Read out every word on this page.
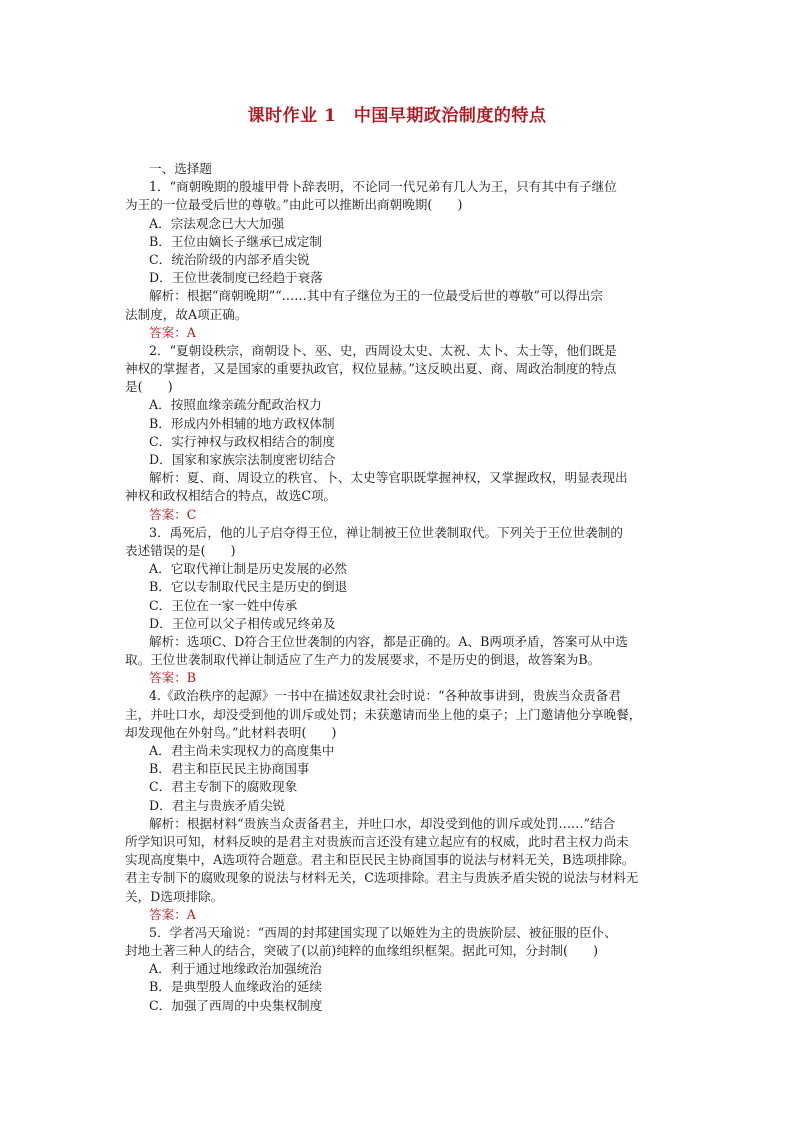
课时作业 1　中国早期政治制度的特点
一、选择题
1．“商朝晚期的殷墟甲骨卜辞表明，不论同一代兄弟有几人为王，只有其中有子继位
为王的一位最受后世的尊敬。”由此可以推断出商朝晚期(　　)
A．宗法观念已大大加强
B．王位由嫡长子继承已成定制
C．统治阶级的内部矛盾尖锐
D．王位世袭制度已经趋于衰落
解析：根据“商朝晚期”“……其中有子继位为王的一位最受后世的尊敬”可以得出宗
法制度，故A项正确。
答案：A
2．“夏朝设秩宗，商朝设卜、巫、史，西周设太史、太祝、太卜、太士等，他们既是
神权的掌握者，又是国家的重要执政官，权位显赫。”这反映出夏、商、周政治制度的特点
是(　　)
A．按照血缘亲疏分配政治权力
B．形成内外相辅的地方政权体制
C．实行神权与政权相结合的制度
D．国家和家族宗法制度密切结合
解析：夏、商、周设立的秩官、卜、太史等官职既掌握神权，又掌握政权，明显表现出
神权和政权相结合的特点，故选C项。
答案：C
3．禹死后，他的儿子启夺得王位，禅让制被王位世袭制取代。下列关于王位世袭制的
表述错误的是(　　)
A．它取代禅让制是历史发展的必然
B．它以专制取代民主是历史的倒退
C．王位在一家一姓中传承
D．王位可以父子相传或兄终弟及
解析：选项C、D符合王位世袭制的内容，都是正确的。A、B两项矛盾，答案可从中选
取。王位世袭制取代禅让制适应了生产力的发展要求，不是历史的倒退，故答案为B。
答案：B
4.《政治秩序的起源》一书中在描述奴隶社会时说：“各种故事讲到，贵族当众责备君
主，并吐口水，却没受到他的训斥或处罚；未获邀请而坐上他的桌子；上门邀请他分享晚餐，
却发现他在外射鸟。”此材料表明(　　)
A．君主尚未实现权力的高度集中
B．君主和臣民民主协商国事
C．君主专制下的腐败现象
D．君主与贵族矛盾尖锐
解析：根据材料“贵族当众责备君主，并吐口水，却没受到他的训斥或处罚……”结合
所学知识可知，材料反映的是君主对贵族而言还没有建立起应有的权威，此时君主权力尚未
实现高度集中，A选项符合题意。君主和臣民民主协商国事的说法与材料无关，B选项排除。
君主专制下的腐败现象的说法与材料无关，C选项排除。君主与贵族矛盾尖锐的说法与材料无
关，D选项排除。
答案：A
5．学者冯天瑜说：“西周的封邦建国实现了以姬姓为主的贵族阶层、被征服的臣仆、
封地土著三种人的结合，突破了(以前)纯粹的血缘组织框架。据此可知，分封制(　　)
A．利于通过地缘政治加强统治
B．是典型殷人血缘政治的延续
C．加强了西周的中央集权制度
